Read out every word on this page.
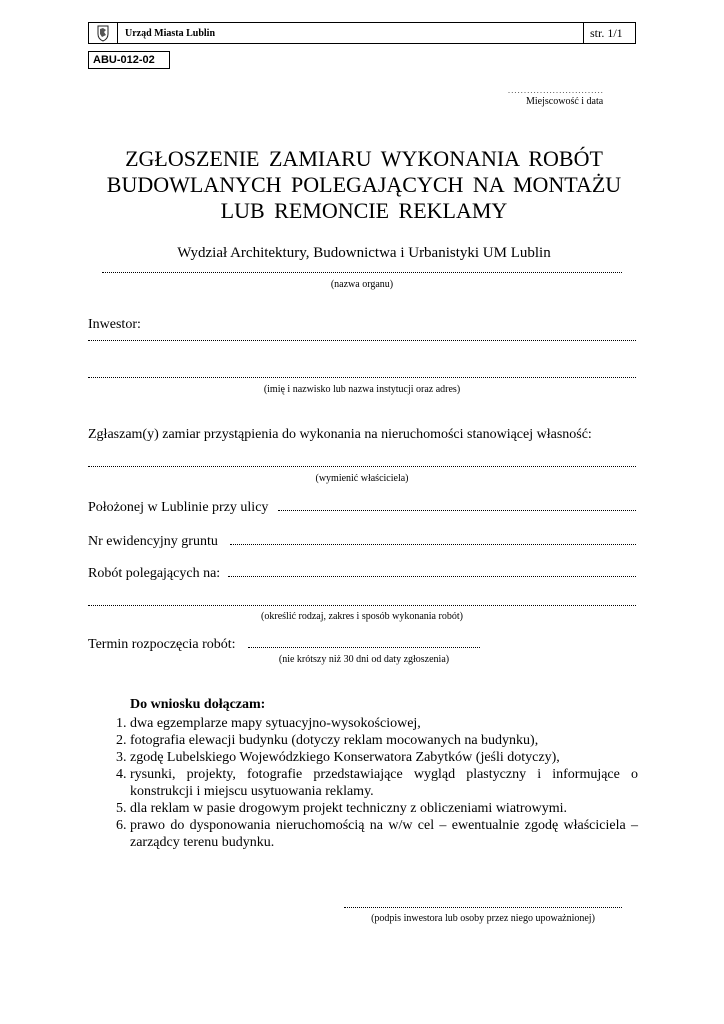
Urząd Miasta Lublin	str. 1/1
ABU-012-02
..............................
Miejscowość i data
ZGŁOSZENIE ZAMIARU WYKONANIA ROBÓT
BUDOWLANYCH POLEGAJĄCYCH NA MONTAŻU
LUB REMONCIE REKLAMY
Wydział Architektury, Budownictwa i Urbanistyki UM Lublin
(nazwa organu)
Inwestor:
(imię i nazwisko lub nazwa instytucji oraz adres)
Zgłaszam(y) zamiar przystąpienia do wykonania na nieruchomości stanowiącej własność:
(wymienić właściciela)
Położonej w Lublinie przy ulicy
Nr ewidencyjny gruntu
Robót polegających na:
(określić rodzaj, zakres i sposób wykonania robót)
Termin rozpoczęcia robót:
(nie krótszy niż 30 dni od daty zgłoszenia)
Do wniosku dołączam:
1. dwa egzemplarze mapy sytuacyjno-wysokościowej,
2. fotografia elewacji budynku (dotyczy reklam mocowanych na budynku),
3. zgodę Lubelskiego Wojewódzkiego Konserwatora Zabytków (jeśli dotyczy),
4. rysunki, projekty, fotografie przedstawiające wygląd plastyczny i informujące o konstrukcji i miejscu usytuowania reklamy.
5. dla reklam w pasie drogowym projekt techniczny z obliczeniami wiatrowymi.
6. prawo do dysponowania nieruchomością na w/w cel – ewentualnie zgodę właściciela – zarządcy terenu budynku.
(podpis inwestora lub osoby przez niego upoważnionej)
